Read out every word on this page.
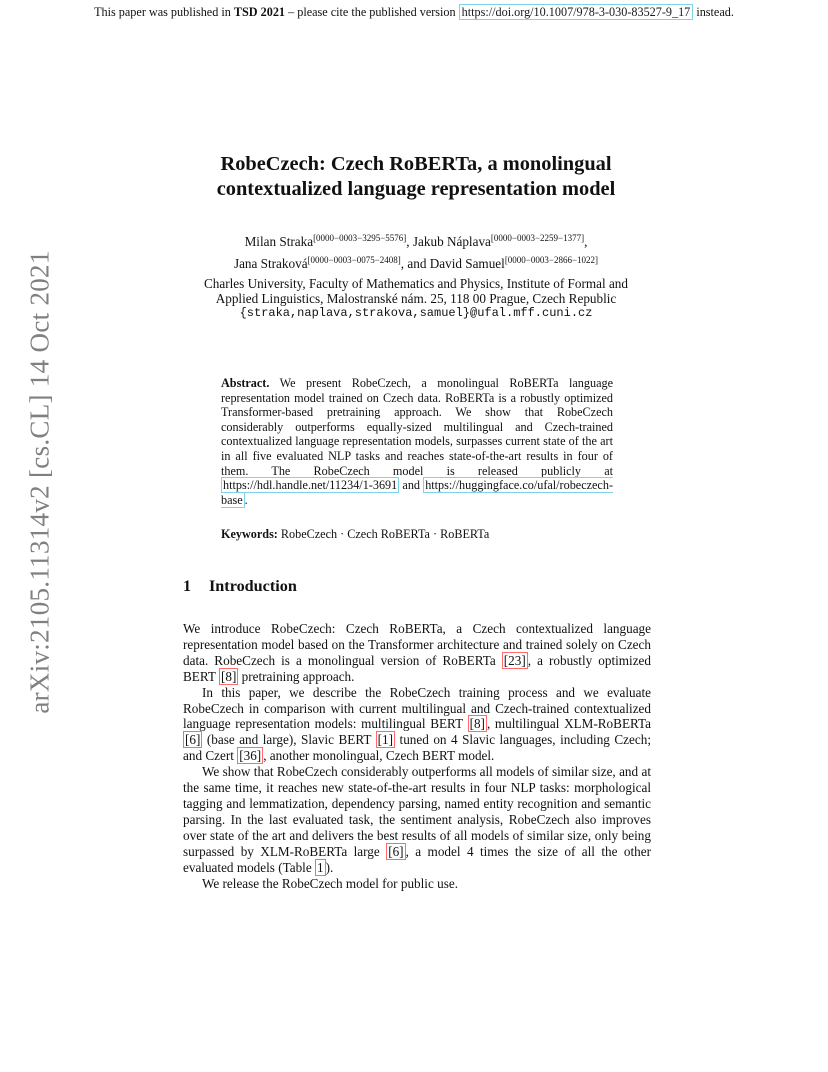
This paper was published in TSD 2021 – please cite the published version https://doi.org/10.1007/978-3-030-83527-9_17 instead.
arXiv:2105.11314v2 [cs.CL] 14 Oct 2021
RobeCzech: Czech RoBERTa, a monolingual
contextualized language representation model
Milan Straka[0000−0003−3295−5576], Jakub Náplava[0000−0003−2259−1377],
Jana Straková[0000−0003−0075−2408], and David Samuel[0000−0003−2866−1022]
Charles University, Faculty of Mathematics and Physics, Institute of Formal and
Applied Linguistics, Malostranské nám. 25, 118 00 Prague, Czech Republic
{straka,naplava,strakova,samuel}@ufal.mff.cuni.cz
Abstract. We present RobeCzech, a monolingual RoBERTa language representation model trained on Czech data. RoBERTa is a robustly optimized Transformer-based pretraining approach. We show that RobeCzech considerably outperforms equally-sized multilingual and Czech-trained contextualized language representation models, surpasses current state of the art in all five evaluated NLP tasks and reaches state-of-the-art results in four of them. The RobeCzech model is released publicly at https://hdl.handle.net/11234/1-3691 and https://huggingface.co/ufal/robeczech-base .
Keywords: RobeCzech · Czech RoBERTa · RoBERTa
1 Introduction

We introduce RobeCzech: Czech RoBERTa, a Czech contextualized language representation model based on the Transformer architecture and trained solely on Czech data. RobeCzech is a monolingual version of RoBERTa [23] , a robustly optimized BERT [8] pretraining approach.

In this paper, we describe the RobeCzech training process and we evaluate RobeCzech in comparison with current multilingual and Czech-trained contextualized language representation models: multilingual BERT [8] , multilingual XLM-RoBERTa [6] (base and large), Slavic BERT [1] tuned on 4 Slavic languages, including Czech; and Czert [36] , another monolingual, Czech BERT model.

We show that RobeCzech considerably outperforms all models of similar size, and at the same time, it reaches new state-of-the-art results in four NLP tasks: morphological tagging and lemmatization, dependency parsing, named entity recognition and semantic parsing. In the last evaluated task, the sentiment analysis, RobeCzech also improves over state of the art and delivers the best results of all models of similar size, only being surpassed by XLM-RoBERTa large [6] , a model 4 times the size of all the other evaluated models (Table 1 ).

We release the RobeCzech model for public use.
